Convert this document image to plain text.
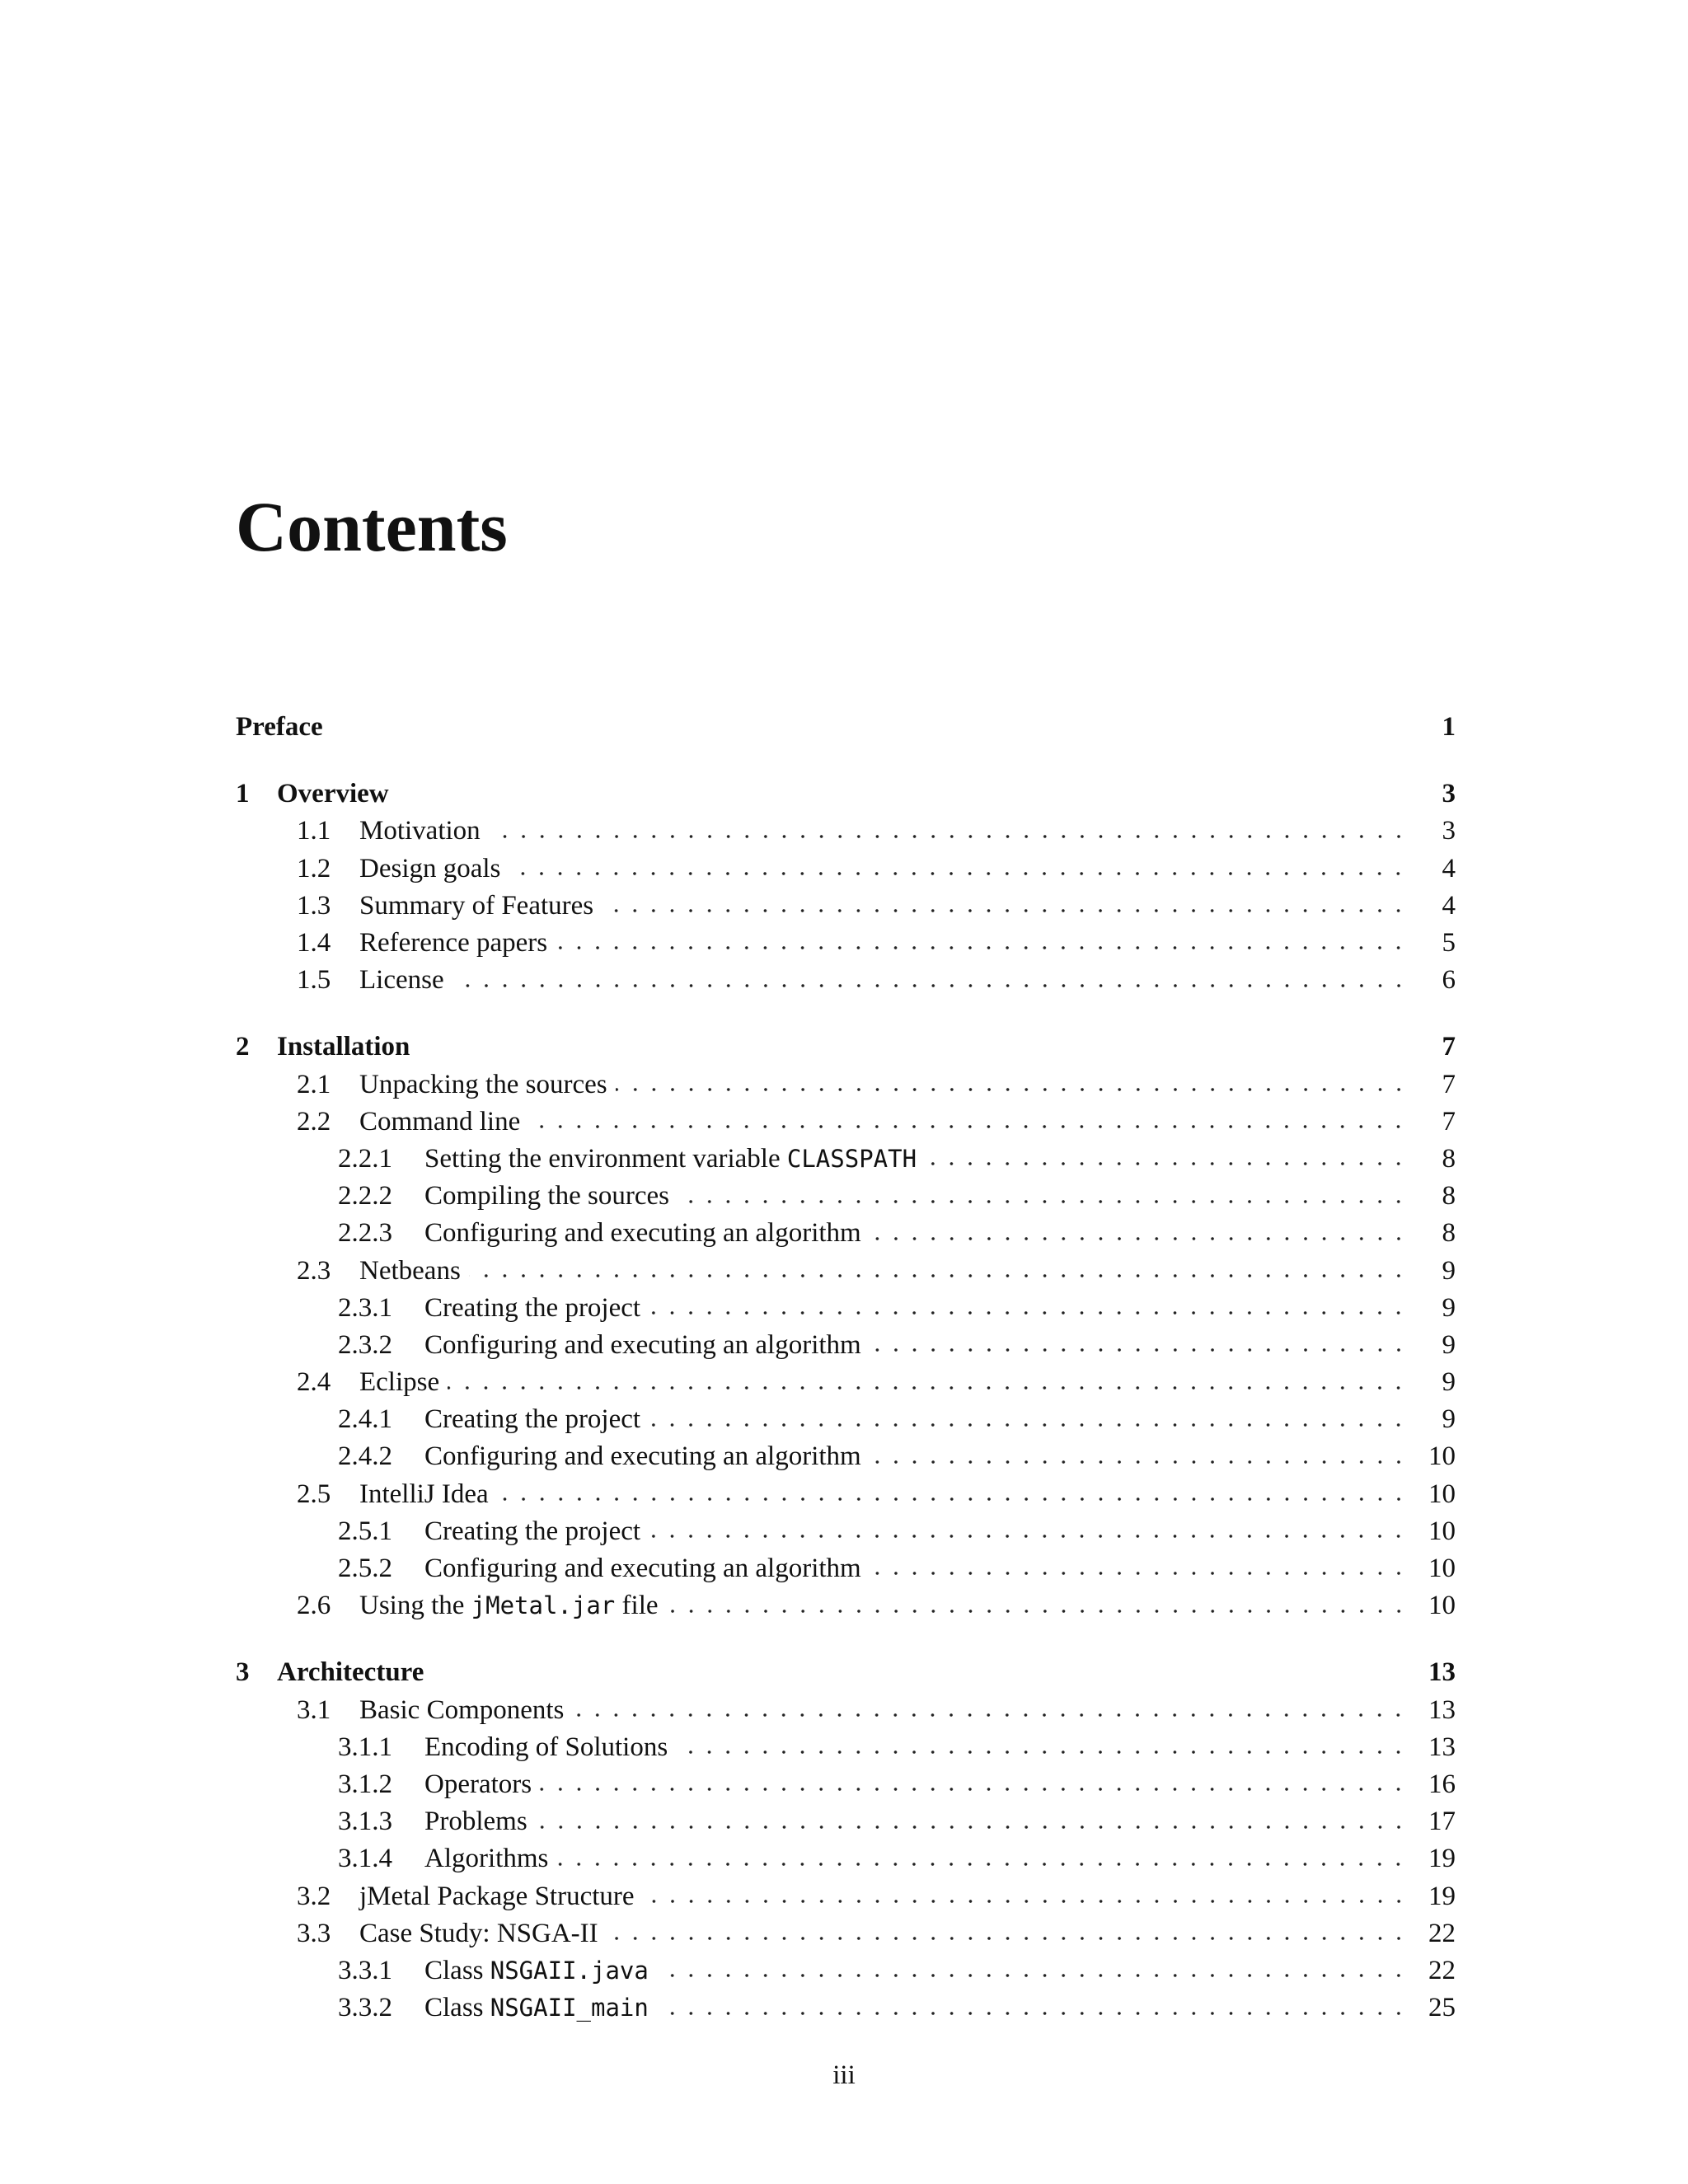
Contents
Preface	1
1	Overview	3
1.1	Motivation	3
1.2	Design goals	4
1.3	Summary of Features	4
1.4	Reference papers	5
1.5	License	6
2	Installation	7
2.1	Unpacking the sources	7
2.2	Command line	7
2.2.1	Setting the environment variable CLASSPATH	8
2.2.2	Compiling the sources	8
2.2.3	Configuring and executing an algorithm	8
2.3	Netbeans	9
2.3.1	Creating the project	9
2.3.2	Configuring and executing an algorithm	9
2.4	Eclipse	9
2.4.1	Creating the project	9
2.4.2	Configuring and executing an algorithm	10
2.5	IntelliJ Idea	10
2.5.1	Creating the project	10
2.5.2	Configuring and executing an algorithm	10
2.6	Using the jMetal.jar file	10
3	Architecture	13
3.1	Basic Components	13
3.1.1	Encoding of Solutions	13
3.1.2	Operators	16
3.1.3	Problems	17
3.1.4	Algorithms	19
3.2	jMetal Package Structure	19
3.3	Case Study: NSGA-II	22
3.3.1	Class NSGAII.java	22
3.3.2	Class NSGAII_main	25
iii
